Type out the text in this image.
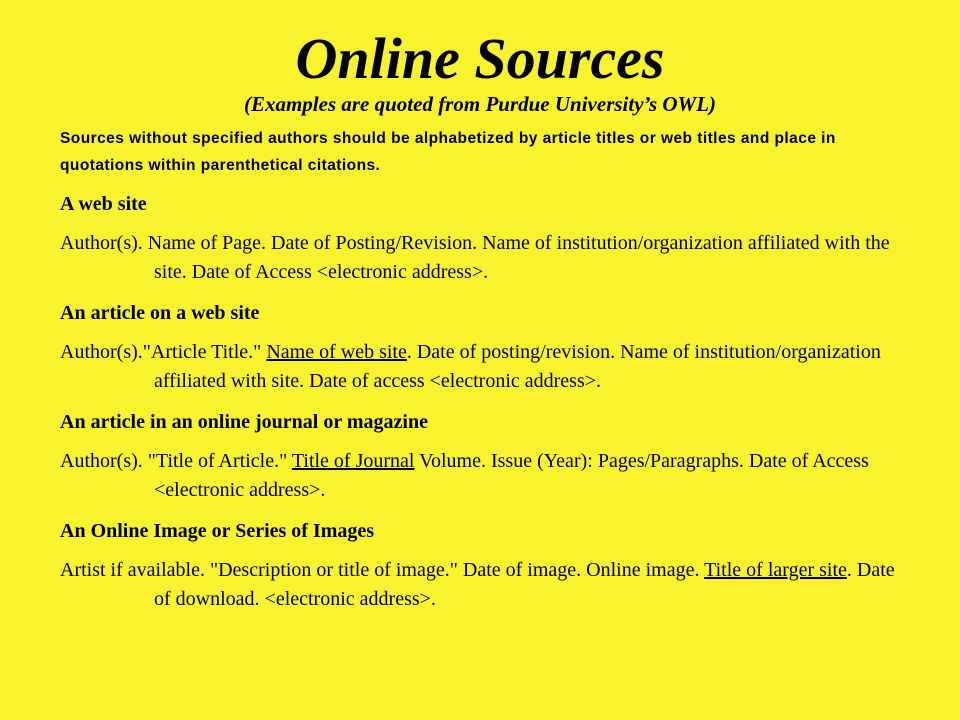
Online Sources

(Examples are quoted from Purdue University’s OWL)

Sources without specified authors should be alphabetized by article titles or web titles and place in quotations within parenthetical citations.

A web site

Author(s). Name of Page. Date of Posting/Revision. Name of institution/organization affiliated with the site. Date of Access <electronic address>.

An article on a web site

Author(s)."Article Title." Name of web site. Date of posting/revision. Name of institution/organization affiliated with site. Date of access <electronic address>.

An article in an online journal or magazine

Author(s). "Title of Article." Title of Journal Volume. Issue (Year): Pages/Paragraphs. Date of Access <electronic address>.

An Online Image or Series of Images

Artist if available. "Description or title of image." Date of image. Online image. Title of larger site. Date of download. <electronic address>.
